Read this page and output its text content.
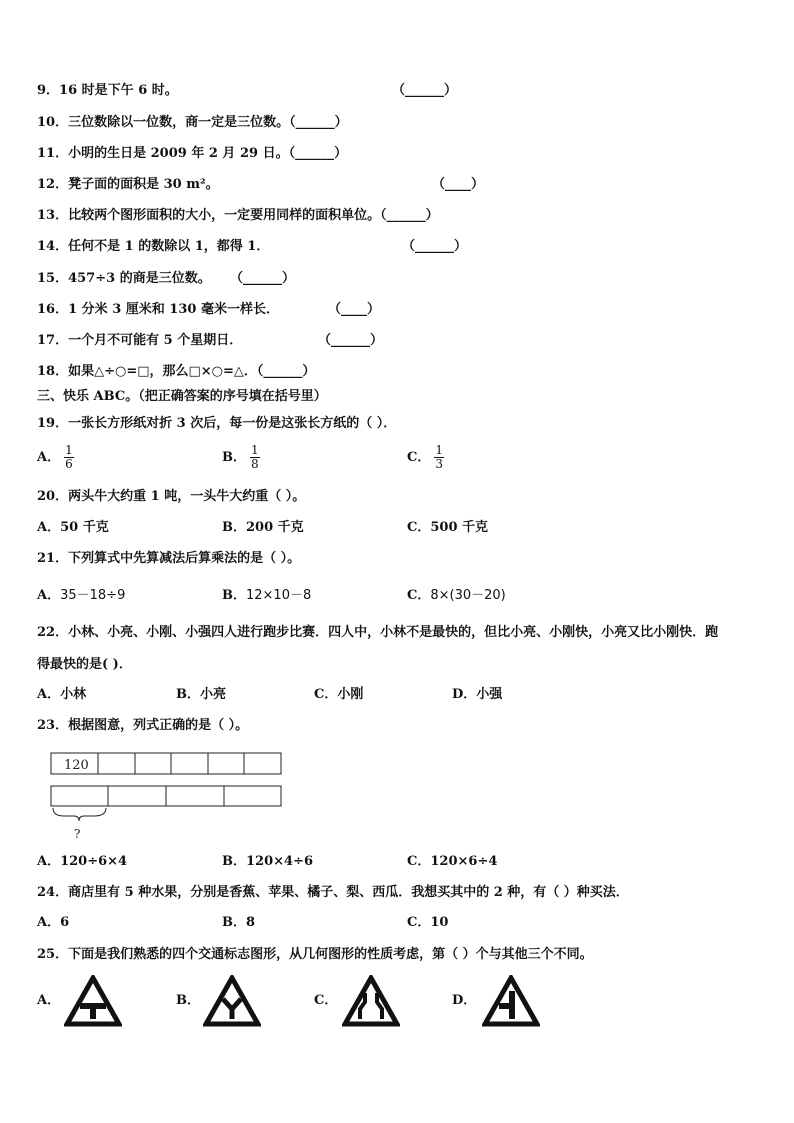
9．16 时是下午 6 时。	（______）
10．三位数除以一位数，商一定是三位数。（______）
11．小明的生日是 2009 年 2 月 29 日。（______）
12．凳子面的面积是 30 m²。	（____）
13．比较两个图形面积的大小，一定要用同样的面积单位。（______）
14．任何不是 1 的数除以 1，都得 1．	（______）
15．457÷3 的商是三位数。 （______）
16．1 分米 3 厘米和 130 毫米一样长．	（____）
17．一个月不可能有 5 个星期日．	（______）
18．如果△÷○=□，那么□×○=△．（______）
三、快乐 ABC。（把正确答案的序号填在括号里）
19．一张长方形纸对折 3 次后，每一份是这张长方纸的（ ）．
A． $\frac{1}{6}$	B． $\frac{1}{8}$	C． $\frac{1}{3}$
20．两头牛大约重 1 吨，一头牛大约重（ ）。
A．50 千克	B．200 千克	C．500 千克
21．下列算式中先算减法后算乘法的是（ ）。
A．35－18÷9	B．12×10－8	C．8×(30－20)
22．小林、小亮、小刚、小强四人进行跑步比赛．四人中，小林不是最快的，但比小亮、小刚快，小亮又比小刚快．跑
得最快的是( )．
A．小林	B．小亮	C．小刚	D．小强
23．根据图意，列式正确的是（ ）。
120
?
A．120÷6×4	B．120×4÷6	C．120×6÷4
24．商店里有 5 种水果，分别是香蕉、苹果、橘子、梨、西瓜．我想买其中的 2 种，有（ ）种买法．
A．6	B．8	C．10
25．下面是我们熟悉的四个交通标志图形，从几何图形的性质考虑，第（ ）个与其他三个不同。
A．	B．	C．	D．
